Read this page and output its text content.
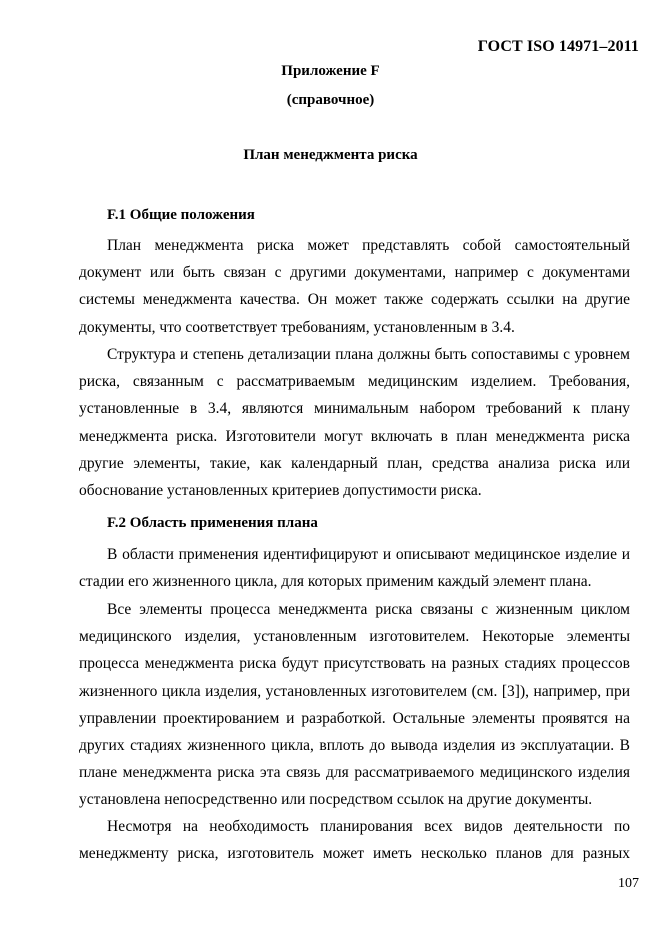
ГОСТ ISO 14971–2011
Приложение F
(справочное)
План менеджмента риска
F.1 Общие положения

План менеджмента риска может представлять собой самостоятельный документ или быть связан с другими документами, например с документами системы менеджмента качества. Он может также содержать ссылки на другие документы, что соответствует требованиям, установленным в 3.4.

Структура и степень детализации плана должны быть сопоставимы с уровнем риска, связанным с рассматриваемым медицинским изделием. Требования, установленные в 3.4, являются минимальным набором требований к плану менеджмента риска. Изготовители могут включать в план менеджмента риска другие элементы, такие, как календарный план, средства анализа риска или обоснование установленных критериев допустимости риска.

F.2 Область применения плана

В области применения идентифицируют и описывают медицинское изделие и стадии его жизненного цикла, для которых применим каждый элемент плана.

Все элементы процесса менеджмента риска связаны с жизненным циклом медицинского изделия, установленным изготовителем. Некоторые элементы процесса менеджмента риска будут присутствовать на разных стадиях процессов жизненного цикла изделия, установленных изготовителем (см. [3]), например, при управлении проектированием и разработкой. Остальные элементы проявятся на других стадиях жизненного цикла, вплоть до вывода изделия из эксплуатации. В плане менеджмента риска эта связь для рассматриваемого медицинского изделия установлена непосредственно или посредством ссылок на другие документы.

Несмотря на необходимость планирования всех видов деятельности по менеджменту риска, изготовитель может иметь несколько планов для разных

107
